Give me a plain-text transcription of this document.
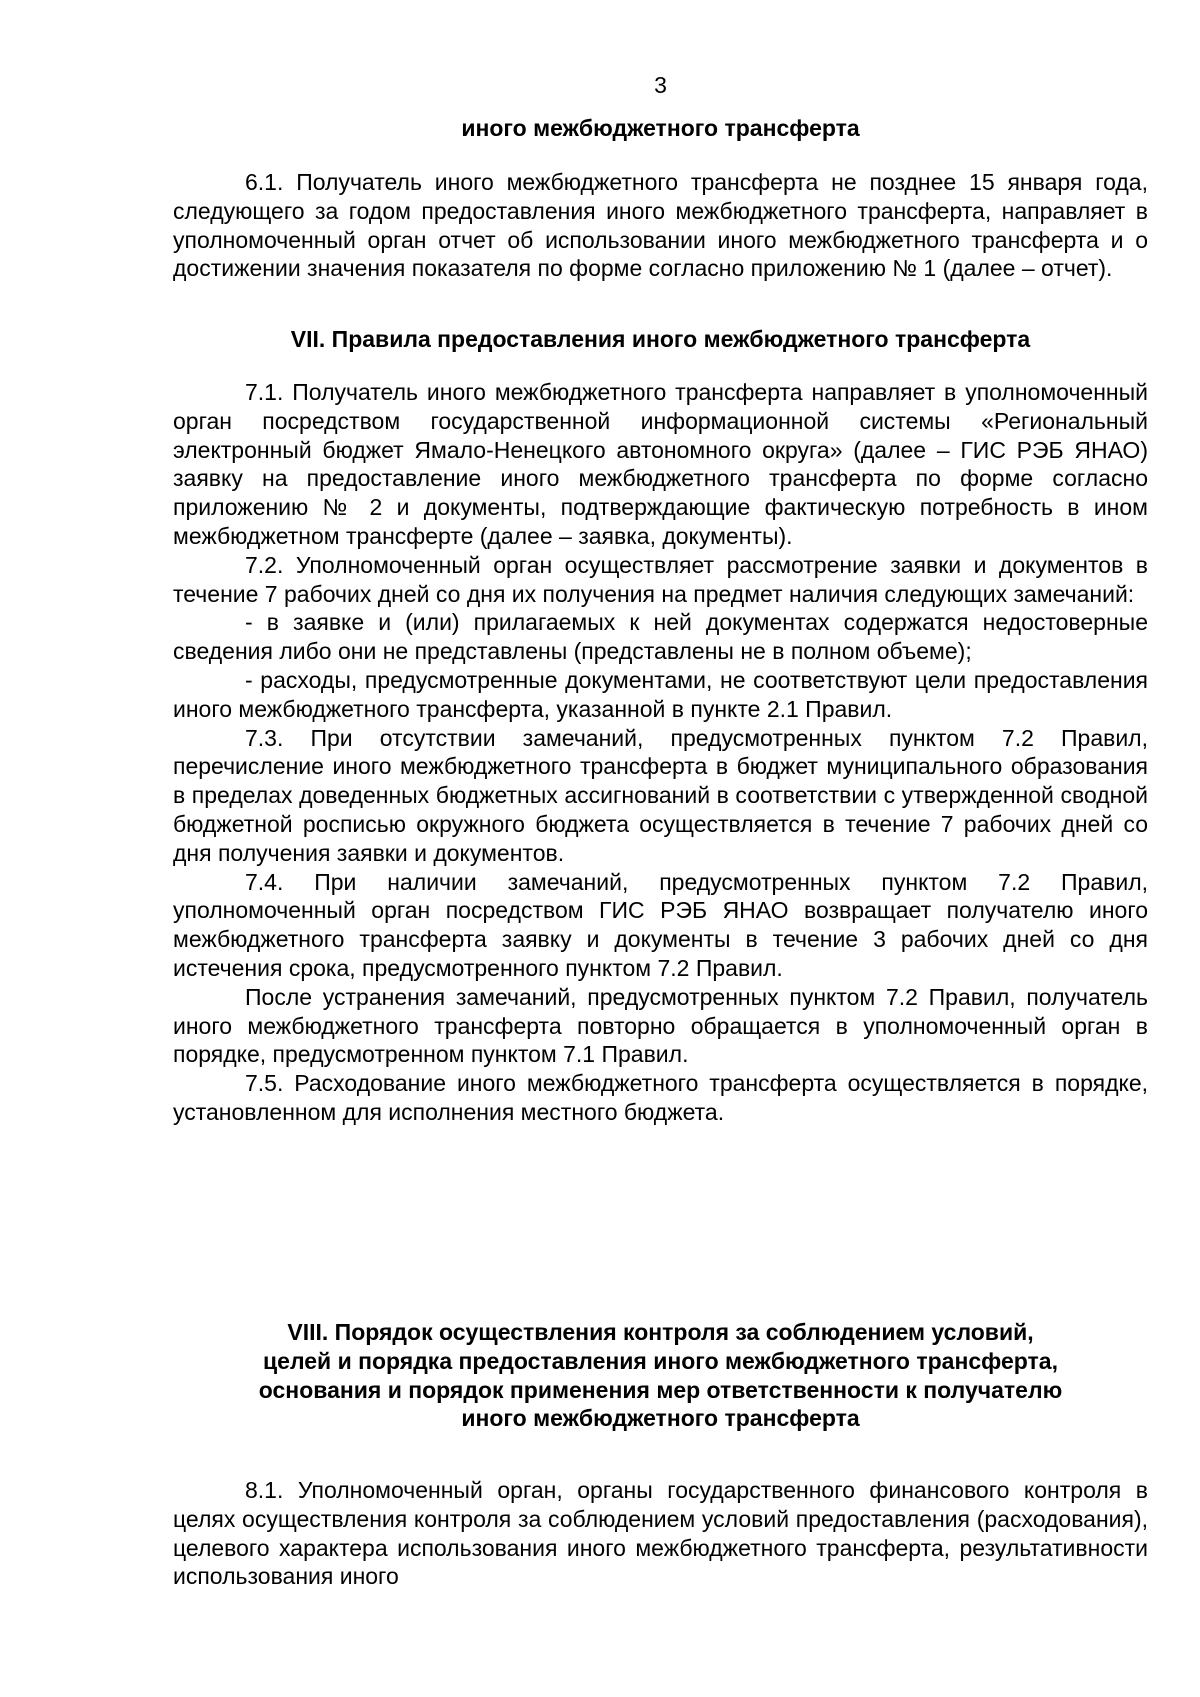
3
иного межбюджетного трансферта

6.1. Получатель иного межбюджетного трансферта не позднее 15 января года, следующего за годом предоставления иного межбюджетного трансферта, направляет в уполномоченный орган отчет об использовании иного межбюджетного трансферта и о достижении значения показателя по форме согласно приложению № 1 (далее – отчет).

VII. Правила предоставления иного межбюджетного трансферта

7.1. Получатель иного межбюджетного трансферта направляет в уполномоченный орган посредством государственной информационной системы «Региональный электронный бюджет Ямало-Ненецкого автономного округа» (далее – ГИС РЭБ ЯНАО) заявку на предоставление иного межбюджетного трансферта по форме согласно приложению № 2 и документы, подтверждающие фактическую потребность в ином межбюджетном трансферте (далее – заявка, документы).

7.2. Уполномоченный орган осуществляет рассмотрение заявки и документов в течение 7 рабочих дней со дня их получения на предмет наличия следующих замечаний:

- в заявке и (или) прилагаемых к ней документах содержатся недостоверные сведения либо они не представлены (представлены не в полном объеме);

- расходы, предусмотренные документами, не соответствуют цели предоставления иного межбюджетного трансферта, указанной в пункте 2.1 Правил.

7.3. При отсутствии замечаний, предусмотренных пунктом 7.2 Правил, перечисление иного межбюджетного трансферта в бюджет муниципального образования в пределах доведенных бюджетных ассигнований в соответствии с утвержденной сводной бюджетной росписью окружного бюджета осуществляется в течение 7 рабочих дней со дня получения заявки и документов.

7.4. При наличии замечаний, предусмотренных пунктом 7.2 Правил, уполномоченный орган посредством ГИС РЭБ ЯНАО возвращает получателю иного межбюджетного трансферта заявку и документы в течение 3 рабочих дней со дня истечения срока, предусмотренного пунктом 7.2 Правил.

После устранения замечаний, предусмотренных пунктом 7.2 Правил, получатель иного межбюджетного трансферта повторно обращается в уполномоченный орган в порядке, предусмотренном пунктом 7.1 Правил.

7.5. Расходование иного межбюджетного трансферта осуществляется в порядке, установленном для исполнения местного бюджета.

VIII. Порядок осуществления контроля за соблюдением условий,
целей и порядка предоставления иного межбюджетного трансферта,
основания и порядок применения мер ответственности к получателю
иного межбюджетного трансферта

8.1. Уполномоченный орган, органы государственного финансового контроля в целях осуществления контроля за соблюдением условий предоставления (расходования), целевого характера использования иного межбюджетного трансферта, результативности использования иного
